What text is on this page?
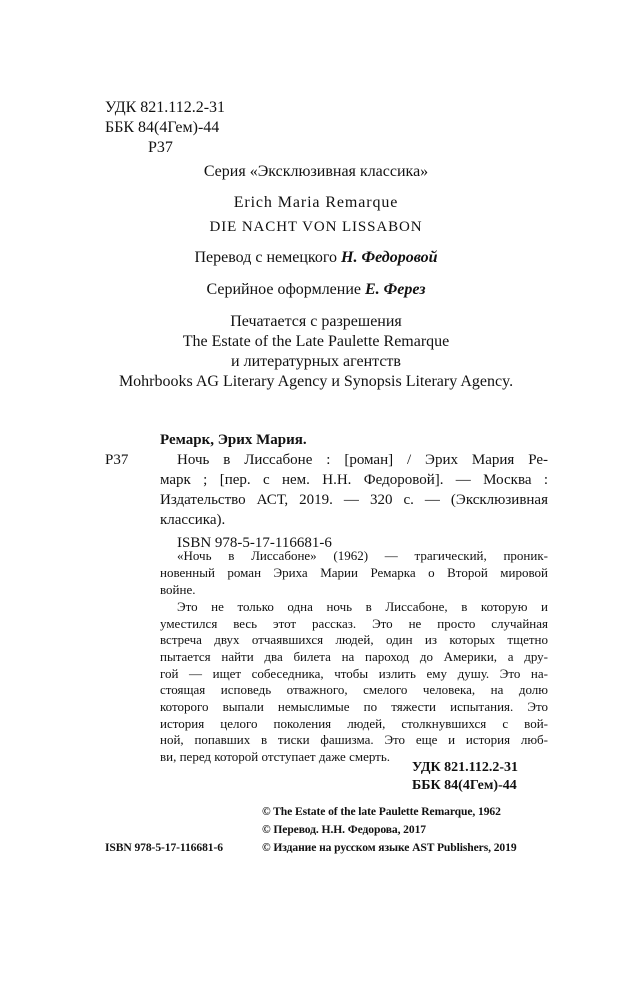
УДК 821.112.2-31
ББК 84(4Гем)-44
Р37
Серия «Эксклюзивная классика»
Erich Maria Remarque
DIE NACHT VON LISSABON
Перевод с немецкого Н. Федоровой
Серийное оформление Е. Ферез
Печатается с разрешения
The Estate of the Late Paulette Remarque
и литературных агентств
Mohrbooks AG Literary Agency и Synopsis Literary Agency.
Ремарк, Эрих Мария.
Р37	Ночь в Лиссабоне : [роман] / Эрих Мария Ре-
марк ; [пер. с нем. Н.Н. Федоровой]. — Москва :
Издательство АСТ, 2019. — 320 с. — (Эксклюзивная
классика).
ISBN 978-5-17-116681-6
«Ночь в Лиссабоне» (1962) — трагический, проник-
новенный роман Эриха Марии Ремарка о Второй мировой
войне.
Это не только одна ночь в Лиссабоне, в которую и
уместился весь этот рассказ. Это не просто случайная
встреча двух отчаявшихся людей, один из которых тщетно
пытается найти два билета на пароход до Америки, а дру-
гой — ищет собеседника, чтобы излить ему душу. Это на-
стоящая исповедь отважного, смелого человека, на долю
которого выпали немыслимые по тяжести испытания. Это
история целого поколения людей, столкнувшихся с вой-
ной, попавших в тиски фашизма. Это еще и история люб-
ви, перед которой отступает даже смерть.
УДК 821.112.2-31
ББК 84(4Гем)-44
© The Estate of the late Paulette Remarque, 1962
© Перевод. Н.Н. Федорова, 2017
ISBN 978-5-17-116681-6	© Издание на русском языке AST Publishers, 2019
